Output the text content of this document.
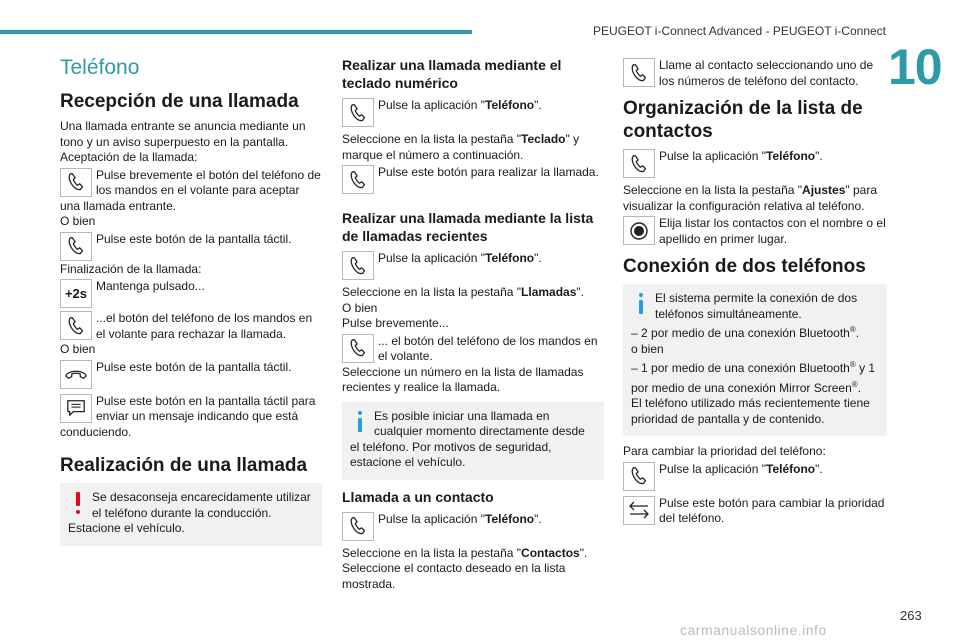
PEUGEOT i-Connect Advanced - PEUGEOT i-Connect
10
Teléfono
Recepción de una llamada

Una llamada entrante se anuncia mediante un tono y un aviso superpuesto en la pantalla.

Aceptación de la llamada:

Pulse brevemente el botón del teléfono de los mandos en el volante para aceptar una llamada entrante.

O bien

Pulse este botón de la pantalla táctil.

Finalización de la llamada:

+2s Mantenga pulsado...

...el botón del teléfono de los mandos en el volante para rechazar la llamada.

O bien

Pulse este botón de la pantalla táctil.

Pulse este botón en la pantalla táctil para enviar un mensaje indicando que está conduciendo.

Realización de una llamada

Se desaconseja encarecidamente utilizar el teléfono durante la conducción.

Estacione el vehículo.

Realizar una llamada mediante el teclado numérico

Pulse la aplicación "Teléfono".

Seleccione en la lista la pestaña "Teclado" y marque el número a continuación.

Pulse este botón para realizar la llamada.

Realizar una llamada mediante la lista de llamadas recientes

Pulse la aplicación "Teléfono".

Seleccione en la lista la pestaña "Llamadas".

O bien

Pulse brevemente...

... el botón del teléfono de los mandos en el volante.

Seleccione un número en la lista de llamadas recientes y realice la llamada.

Es posible iniciar una llamada en cualquier momento directamente desde el teléfono. Por motivos de seguridad, estacione el vehículo.

Llamada a un contacto

Pulse la aplicación "Teléfono".

Seleccione en la lista la pestaña "Contactos".

Seleccione el contacto deseado en la lista mostrada.

Llame al contacto seleccionando uno de los números de teléfono del contacto.

Organización de la lista de contactos

Pulse la aplicación "Teléfono".

Seleccione en la lista la pestaña "Ajustes" para visualizar la configuración relativa al teléfono.

Elija listar los contactos con el nombre o el apellido en primer lugar.

Conexión de dos teléfonos

El sistema permite la conexión de dos teléfonos simultáneamente.

– 2 por medio de una conexión Bluetooth®.

o bien

– 1 por medio de una conexión Bluetooth® y 1 por medio de una conexión Mirror Screen®.

El teléfono utilizado más recientemente tiene prioridad de pantalla y de contenido.

Para cambiar la prioridad del teléfono:

Pulse la aplicación "Teléfono".

Pulse este botón para cambiar la prioridad del teléfono.

263
carmanualsonline.info
